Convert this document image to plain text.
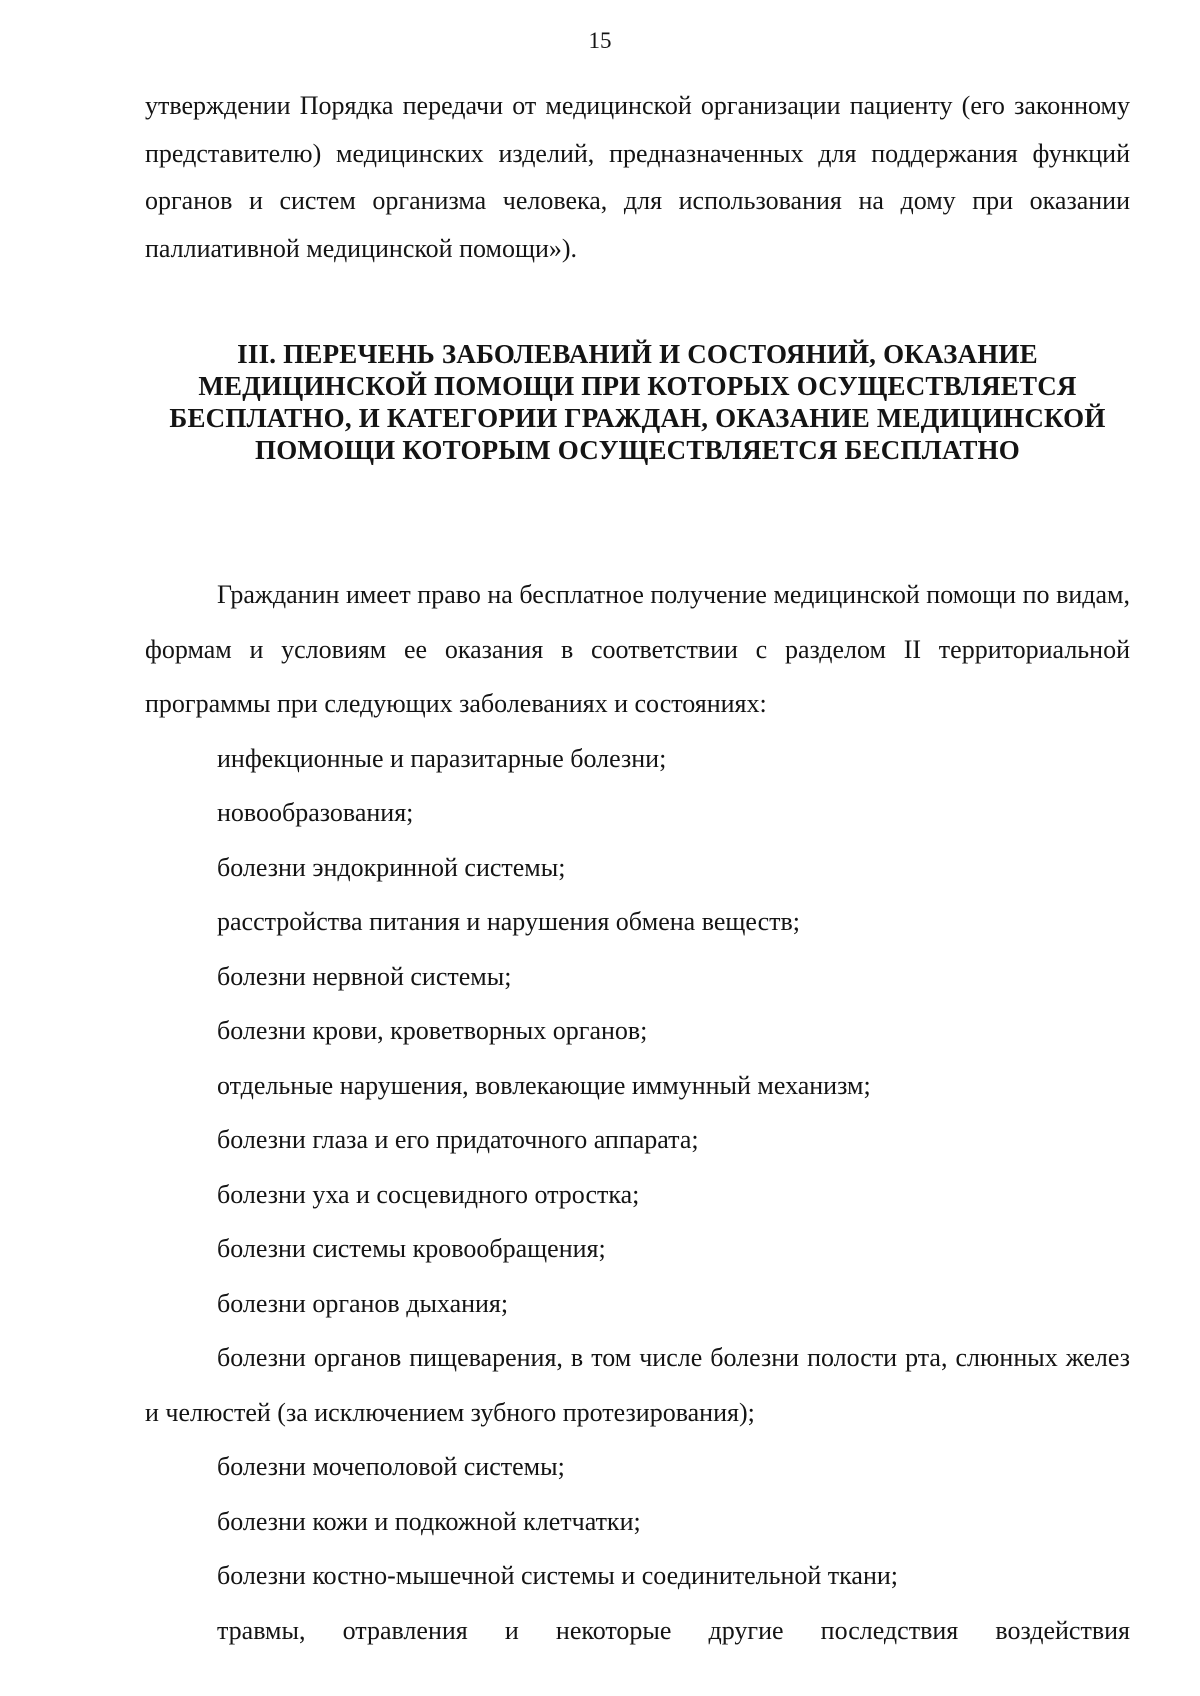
15
утверждении Порядка передачи от медицинской организации пациенту (его законному представителю) медицинских изделий, предназначенных для поддержания функций органов и систем организма человека, для использования на дому при оказании паллиативной медицинской помощи»).
III. ПЕРЕЧЕНЬ ЗАБОЛЕВАНИЙ И СОСТОЯНИЙ, ОКАЗАНИЕ
МЕДИЦИНСКОЙ ПОМОЩИ ПРИ КОТОРЫХ ОСУЩЕСТВЛЯЕТСЯ
БЕСПЛАТНО, И КАТЕГОРИИ ГРАЖДАН, ОКАЗАНИЕ МЕДИЦИНСКОЙ
ПОМОЩИ КОТОРЫМ ОСУЩЕСТВЛЯЕТСЯ БЕСПЛАТНО

Гражданин имеет право на бесплатное получение медицинской помощи по видам, формам и условиям ее оказания в соответствии с разделом II территориальной программы при следующих заболеваниях и состояниях:

инфекционные и паразитарные болезни;
новообразования;
болезни эндокринной системы;
расстройства питания и нарушения обмена веществ;
болезни нервной системы;
болезни крови, кроветворных органов;
отдельные нарушения, вовлекающие иммунный механизм;
болезни глаза и его придаточного аппарата;
болезни уха и сосцевидного отростка;
болезни системы кровообращения;
болезни органов дыхания;
болезни органов пищеварения, в том числе болезни полости рта, слюнных желез и челюстей (за исключением зубного протезирования);
болезни мочеполовой системы;
болезни кожи и подкожной клетчатки;
болезни костно-мышечной системы и соединительной ткани;
травмы, отравления и некоторые другие последствия воздействия
